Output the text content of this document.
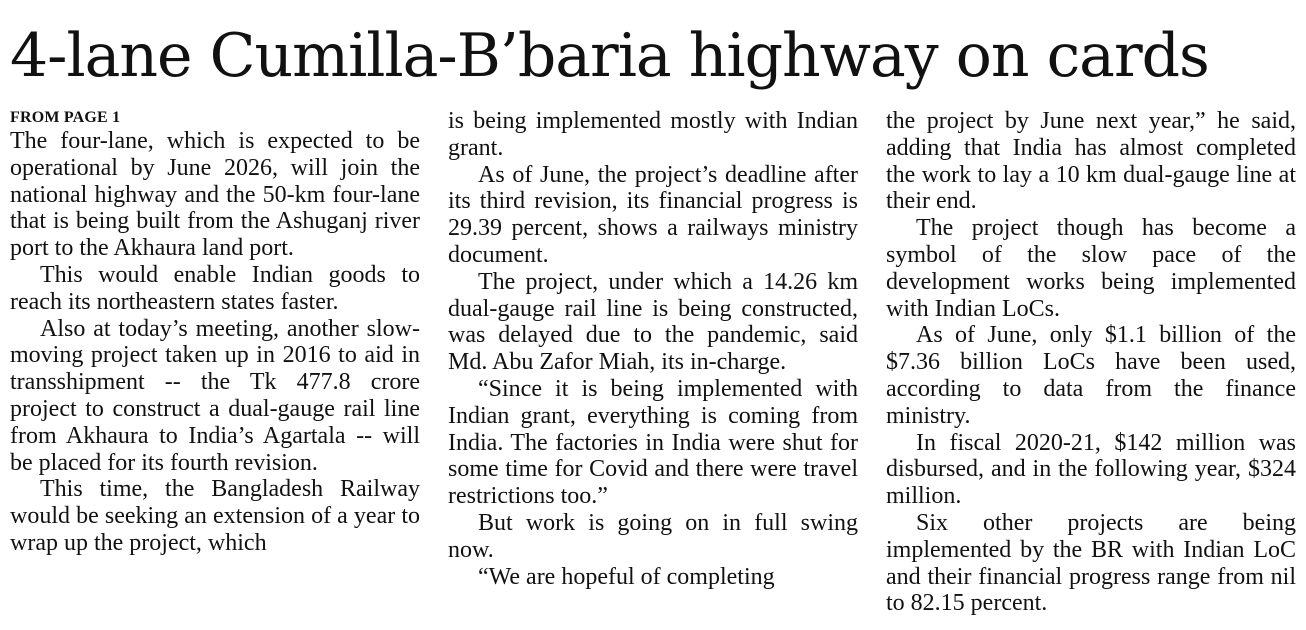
4-lane Cumilla-B’baria highway on cards
FROM PAGE 1

The four-lane, which is expected to be operational by June 2026, will join the national highway and the 50-km four-lane that is being built from the Ashuganj river port to the Akhaura land port.

This would enable Indian goods to reach its northeastern states faster.

Also at today’s meeting, another slow-moving project taken up in 2016 to aid in transshipment -- the Tk 477.8 crore project to construct a dual-gauge rail line from Akhaura to India’s Agartala -- will be placed for its fourth revision.

This time, the Bangladesh Railway would be seeking an extension of a year to wrap up the project, which

is being implemented mostly with Indian grant.

As of June, the project’s deadline after its third revision, its financial progress is 29.39 percent, shows a railways ministry document.

The project, under which a 14.26 km dual-gauge rail line is being constructed, was delayed due to the pandemic, said Md. Abu Zafor Miah, its in-charge.

“Since it is being implemented with Indian grant, everything is coming from India. The factories in India were shut for some time for Covid and there were travel restrictions too.”

But work is going on in full swing now.

“We are hopeful of completing

the project by June next year,” he said, adding that India has almost completed the work to lay a 10 km dual-gauge line at their end.

The project though has become a symbol of the slow pace of the development works being implemented with Indian LoCs.

As of June, only $1.1 billion of the $7.36 billion LoCs have been used, according to data from the finance ministry.

In fiscal 2020-21, $142 million was disbursed, and in the following year, $324 million.

Six other projects are being implemented by the BR with Indian LoC and their financial progress range from nil to 82.15 percent.
